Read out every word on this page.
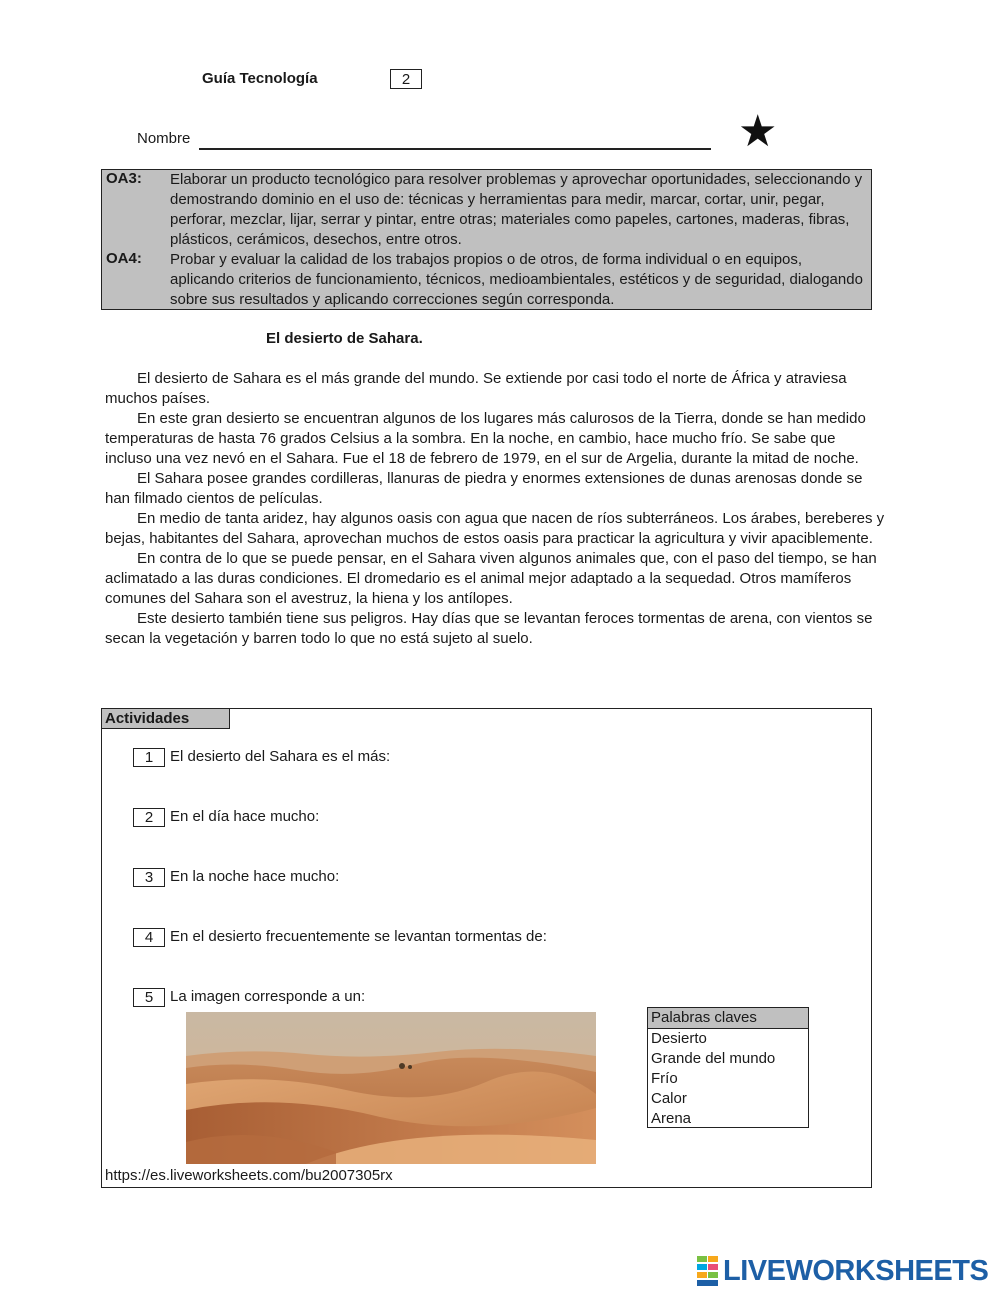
Guía Tecnología	2
Nombre	★
OA3: Elaborar un producto tecnológico para resolver problemas y aprovechar oportunidades, seleccionando y demostrando dominio en el uso de: técnicas y herramientas para medir, marcar, cortar, unir, pegar, perforar, mezclar, lijar, serrar y pintar, entre otras; materiales como papeles, cartones, maderas, fibras, plásticos, cerámicos, desechos, entre otros.
OA4: Probar y evaluar la calidad de los trabajos propios o de otros, de forma individual o en equipos, aplicando criterios de funcionamiento, técnicos, medioambientales, estéticos y de seguridad, dialogando sobre sus resultados y aplicando correcciones según corresponda.
El desierto de Sahara.

El desierto de Sahara es el más grande del mundo. Se extiende por casi todo el norte de África y atraviesa muchos países.

En este gran desierto se encuentran algunos de los lugares más calurosos de la Tierra, donde se han medido temperaturas de hasta 76 grados Celsius a la sombra. En la noche, en cambio, hace mucho frío. Se sabe que incluso una vez nevó en el Sahara. Fue el 18 de febrero de 1979, en el sur de Argelia, durante la mitad de noche.

El Sahara posee grandes cordilleras, llanuras de piedra y enormes extensiones de dunas arenosas donde se han filmado cientos de películas.

En medio de tanta aridez, hay algunos oasis con agua que nacen de ríos subterráneos. Los árabes, bereberes y bejas, habitantes del Sahara, aprovechan muchos de estos oasis para practicar la agricultura y vivir apaciblemente.

En contra de lo que se puede pensar, en el Sahara viven algunos animales que, con el paso del tiempo, se han aclimatado a las duras condiciones. El dromedario es el animal mejor adaptado a la sequedad. Otros mamíferos comunes del Sahara son el avestruz, la hiena y los antílopes.

Este desierto también tiene sus peligros. Hay días que se levantan feroces tormentas de arena, con vientos se secan la vegetación y barren todo lo que no está sujeto al suelo.

Actividades
1	El desierto del Sahara es el más:
2	En el día hace mucho:
3	En la noche hace mucho:
4	En el desierto frecuentemente se levantan tormentas de:
5	La imagen corresponde a un:
Palabras claves
Desierto
Grande del mundo
Frío
Calor
Arena
https://es.liveworksheets.com/bu2007305rx
LIVEWORKSHEETS
